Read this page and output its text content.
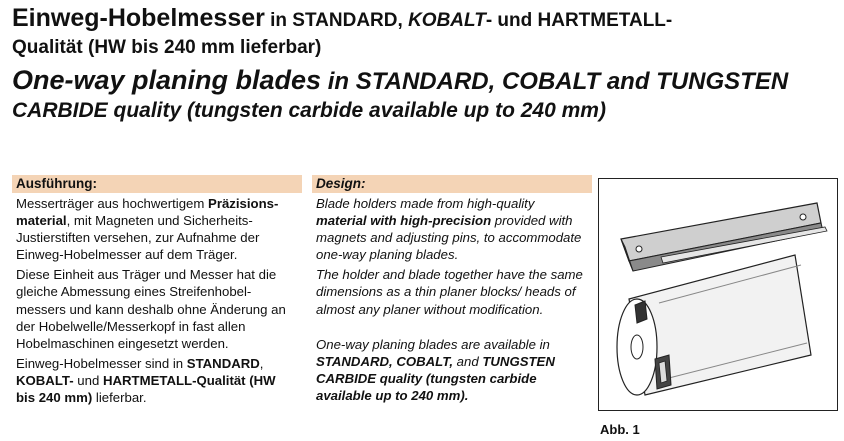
Einweg-Hobelmesser in STANDARD, KOBALT- und HARTMETALL-
Qualität (HW bis 240 mm lieferbar)
One-way planing blades in STANDARD, COBALT and TUNGSTEN
CARBIDE quality (tungsten carbide available up to 240 mm)
Ausführung:

Messerträger aus hochwertigem Präzisions-material, mit Magneten und Sicherheits-Justierstiften versehen, zur Aufnahme der Einweg-Hobelmesser auf dem Träger.

Diese Einheit aus Träger und Messer hat die gleiche Abmessung eines Streifenhobel-messers und kann deshalb ohne Änderung an der Hobelwelle/Messerkopf in fast allen Hobelmaschinen eingesetzt werden.

Einweg-Hobelmesser sind in STANDARD, KOBALT- und HARTMETALL-Qualität (HW bis 240 mm) lieferbar.

Design:

Blade holders made from high-quality material with high-precision provided with magnets and adjusting pins, to accommodate one-way planing blades.

The holder and blade together have the same dimensions as a thin planer blocks/ heads of almost any planer without modification.

One-way planing blades are available in STANDARD, COBALT, and TUNGSTEN CARBIDE quality (tungsten carbide available up to 240 mm).

Abb. 1
